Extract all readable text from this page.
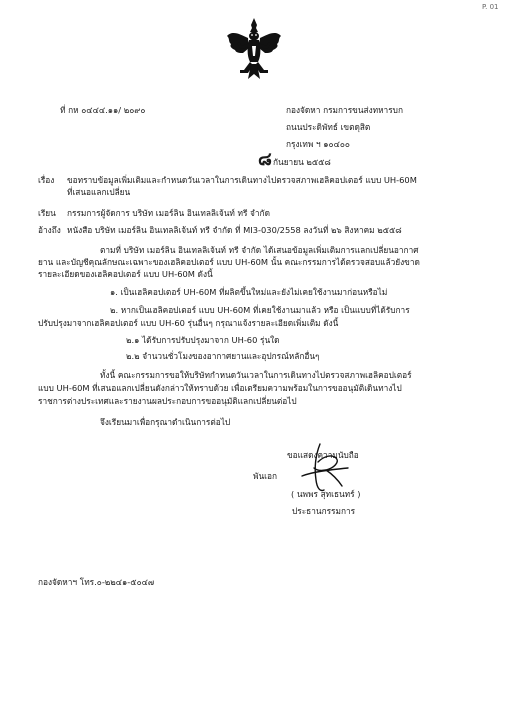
P. 01
ที่ กห ๐๔๔๔.๑๑/ ๒๐๙๐	กองจัดหา กรมการขนส่งทหารบก
ถนนประดิพัทธ์ เขตดุสิต
กรุงเทพ ฯ ๑๐๔๐๐
๘ กันยายน ๒๕๕๘
เรื่อง ขอทราบข้อมูลเพิ่มเติมและกำหนดวันเวลาในการเดินทางไปตรวจสภาพเฮลิคอปเตอร์ แบบ UH-60M
ที่เสนอแลกเปลี่ยน
เรียน กรรมการผู้จัดการ บริษัท เมอร์ลิน อินเทลลิเจ้นท์ ทรี จำกัด
อ้างถึง หนังสือ บริษัท เมอร์ลิน อินเทลลิเจ้นท์ ทรี จำกัด ที่ MI3-030/2558 ลงวันที่ ๒๖ สิงหาคม ๒๕๕๘
ตามที่ บริษัท เมอร์ลิน อินเทลลิเจ้นท์ ทรี จำกัด ได้เสนอข้อมูลเพิ่มเติมการแลกเปลี่ยนอากาศ
ยาน และบัญชีคุณลักษณะเฉพาะของเฮลิคอปเตอร์ แบบ UH-60M นั้น คณะกรรมการได้ตรวจสอบแล้วยังขาด
รายละเอียดของเฮลิคอปเตอร์ แบบ UH-60M ดังนี้
๑. เป็นเฮลิคอปเตอร์ UH-60M ที่ผลิตขึ้นใหม่และยังไม่เคยใช้งานมาก่อนหรือไม่
๒. หากเป็นเฮลิคอปเตอร์ แบบ UH-60M ที่เคยใช้งานมาแล้ว หรือ เป็นแบบที่ได้รับการ
ปรับปรุงมาจากเฮลิคอปเตอร์ แบบ UH-60 รุ่นอื่นๆ กรุณาแจ้งรายละเอียดเพิ่มเติม ดังนี้
๒.๑ ได้รับการปรับปรุงมาจาก UH-60 รุ่นใด
๒.๒ จำนวนชั่วโมงของอากาศยานและอุปกรณ์หลักอื่นๆ
ทั้งนี้ คณะกรรมการขอให้บริษัทกำหนดวันเวลาในการเดินทางไปตรวจสภาพเฮลิคอปเตอร์
แบบ UH-60M ที่เสนอแลกเปลี่ยนดังกล่าวให้ทราบด้วย เพื่อเตรียมความพร้อมในการขออนุมัติเดินทางไป
ราชการต่างประเทศและรายงานผลประกอบการขออนุมัติแลกเปลี่ยนต่อไป
จึงเรียนมาเพื่อกรุณาดำเนินการต่อไป
ขอแสดงความนับถือ
พันเอก
( นพพร สุทเธนทร์ )
ประธานกรรมการ
กองจัดหาฯ โทร.๐-๒๒๔๑-๕๐๔๗
